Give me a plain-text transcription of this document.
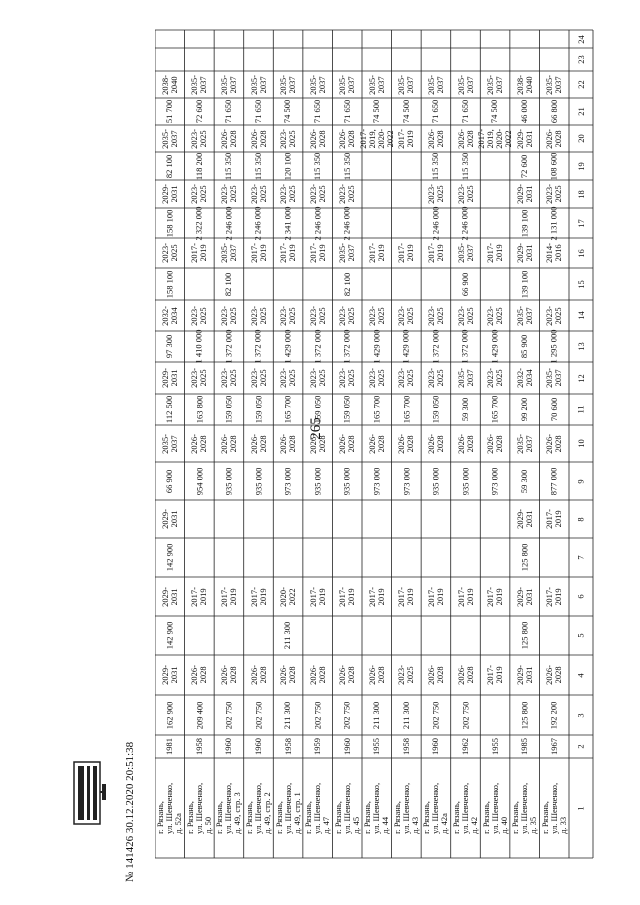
265
№ 141426 30.12.2020 20:51:38
24
23
22
21
20
19
18
17
16
15
14
13
12
11
10
9
8
7
6
5
4
3
2
1
2035-
2037
66 800
2026-
2028
108 600
2023-
2025
2 131 000
2014-
2016
2023-
2025
1 295 000
2035-
2037
70 600
2026-
2028
877 000
2017-
2019
2017-
2019
2026-
2028
192 200
1967
г. Рязань,
ул. Шевченко,
д. 33
2038-
2040
46 000
2029-
2031
72 600
2029-
2031
139 100
2029-
2031
139 100
2035-
2037
85 900
2032-
2034
99 200
2035-
2037
59 300
2029-
2031
125 800
2029-
2031
125 800
2029-
2031
125 800
1985
г. Рязань,
ул. Шевченко,
д. 35
2035-
2037
74 500
2017-
2019,
2020-
2022
2017-
2019
2023-
2025
1 429 000
2023-
2025
165 700
2026-
2028
973 000
2017-
2019
2017-
2019
1955
г. Рязань,
ул. Шевченко,
д. 40
2035-
2037
71 650
2026-
2028
115 350
2023-
2025
2 246 000
2035-
2037
66 900
2023-
2025
1 372 000
2035-
2037
59 300
2026-
2028
935 000
2017-
2019
2026-
2028
202 750
1962
г. Рязань,
ул. Шевченко,
д. 42
2035-
2037
71 650
2026-
2028
115 350
2023-
2025
2 246 000
2017-
2019
2023-
2025
1 372 000
2023-
2025
159 050
2026-
2028
935 000
2017-
2019
2026-
2028
202 750
1960
г. Рязань,
ул. Шевченко,
д. 42а
2035-
2037
74 500
2017-
2019
2017-
2019
2023-
2025
1 429 000
2023-
2025
165 700
2026-
2028
973 000
2017-
2019
2023-
2025
211 300
1958
г. Рязань,
ул. Шевченко,
д. 43
2035-
2037
74 500
2017-
2019,
2020-
2022
2017-
2019
2023-
2025
1 429 000
2023-
2025
165 700
2026-
2028
973 000
2017-
2019
2026-
2028
211 300
1955
г. Рязань,
ул. Шевченко,
д. 44
2035-
2037
71 650
2026-
2028
115 350
2023-
2025
2 246 000
2035-
2037
82 100
2023-
2025
1 372 000
2023-
2025
159 050
2026-
2028
935 000
2017-
2019
2026-
2028
202 750
1960
г. Рязань,
ул. Шевченко,
д. 45
2035-
2037
71 650
2026-
2028
115 350
2023-
2025
2 246 000
2017-
2019
2023-
2025
1 372 000
2023-
2025
159 050
2026-
2028
935 000
2017-
2019
2026-
2028
202 750
1959
г. Рязань,
ул. Шевченко,
д. 47
2035-
2037
74 500
2023-
2025
120 100
2023-
2025
2 341 000
2017-
2019
2023-
2025
1 429 000
2023-
2025
165 700
2026-
2028
973 000
2020-
2022
211 300
2026-
2028
211 300
1958
г. Рязань,
ул. Шевченко,
д. 49, стр. 1
2035-
2037
71 650
2026-
2028
115 350
2023-
2025
2 246 000
2017-
2019
2023-
2025
1 372 000
2023-
2025
159 050
2026-
2028
935 000
2017-
2019
2026-
2028
202 750
1960
г. Рязань,
ул. Шевченко,
д. 49, стр. 2
2035-
2037
71 650
2026-
2028
115 350
2023-
2025
2 246 000
2035-
2037
82 100
2023-
2025
1 372 000
2023-
2025
159 050
2026-
2028
935 000
2017-
2019
2026-
2028
202 750
1960
г. Рязань,
ул. Шевченко,
д. 49, стр. 3
2035-
2037
72 600
2023-
2025
118 200
2023-
2025
2 322 000
2017-
2019
2023-
2025
1 410 000
2023-
2025
163 800
2026-
2028
954 000
2017-
2019
2026-
2028
209 400
1958
г. Рязань,
ул. Шевченко,
д. 50
2038-
2040
51 700
2035-
2037
82 100
2029-
2031
158 100
2023-
2025
158 100
2032-
2034
97 300
2029-
2031
112 500
2035-
2037
66 900
2029-
2031
142 900
2029-
2031
142 900
2029-
2031
162 900
1981
г. Рязань,
ул. Шевченко,
д. 52а
